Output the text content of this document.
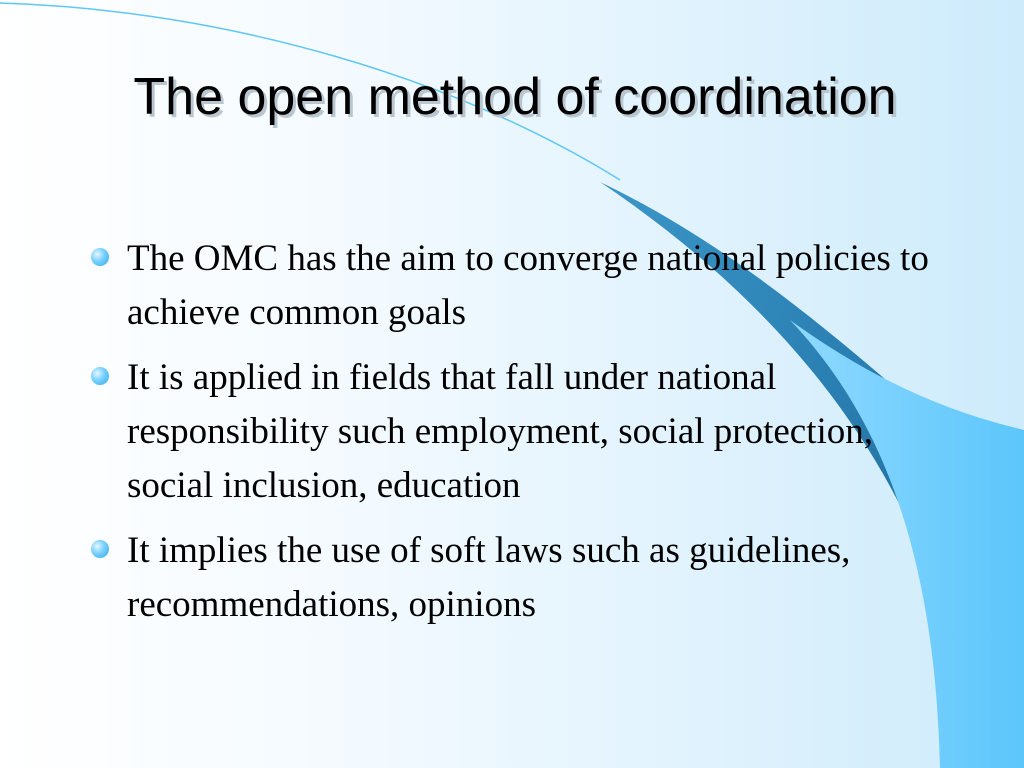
The open method of coordination
The OMC has the aim to converge national policies to achieve common goals
It is applied in fields that fall under national responsibility such employment, social protection, social inclusion, education
It implies the use of soft laws such as guidelines, recommendations, opinions
